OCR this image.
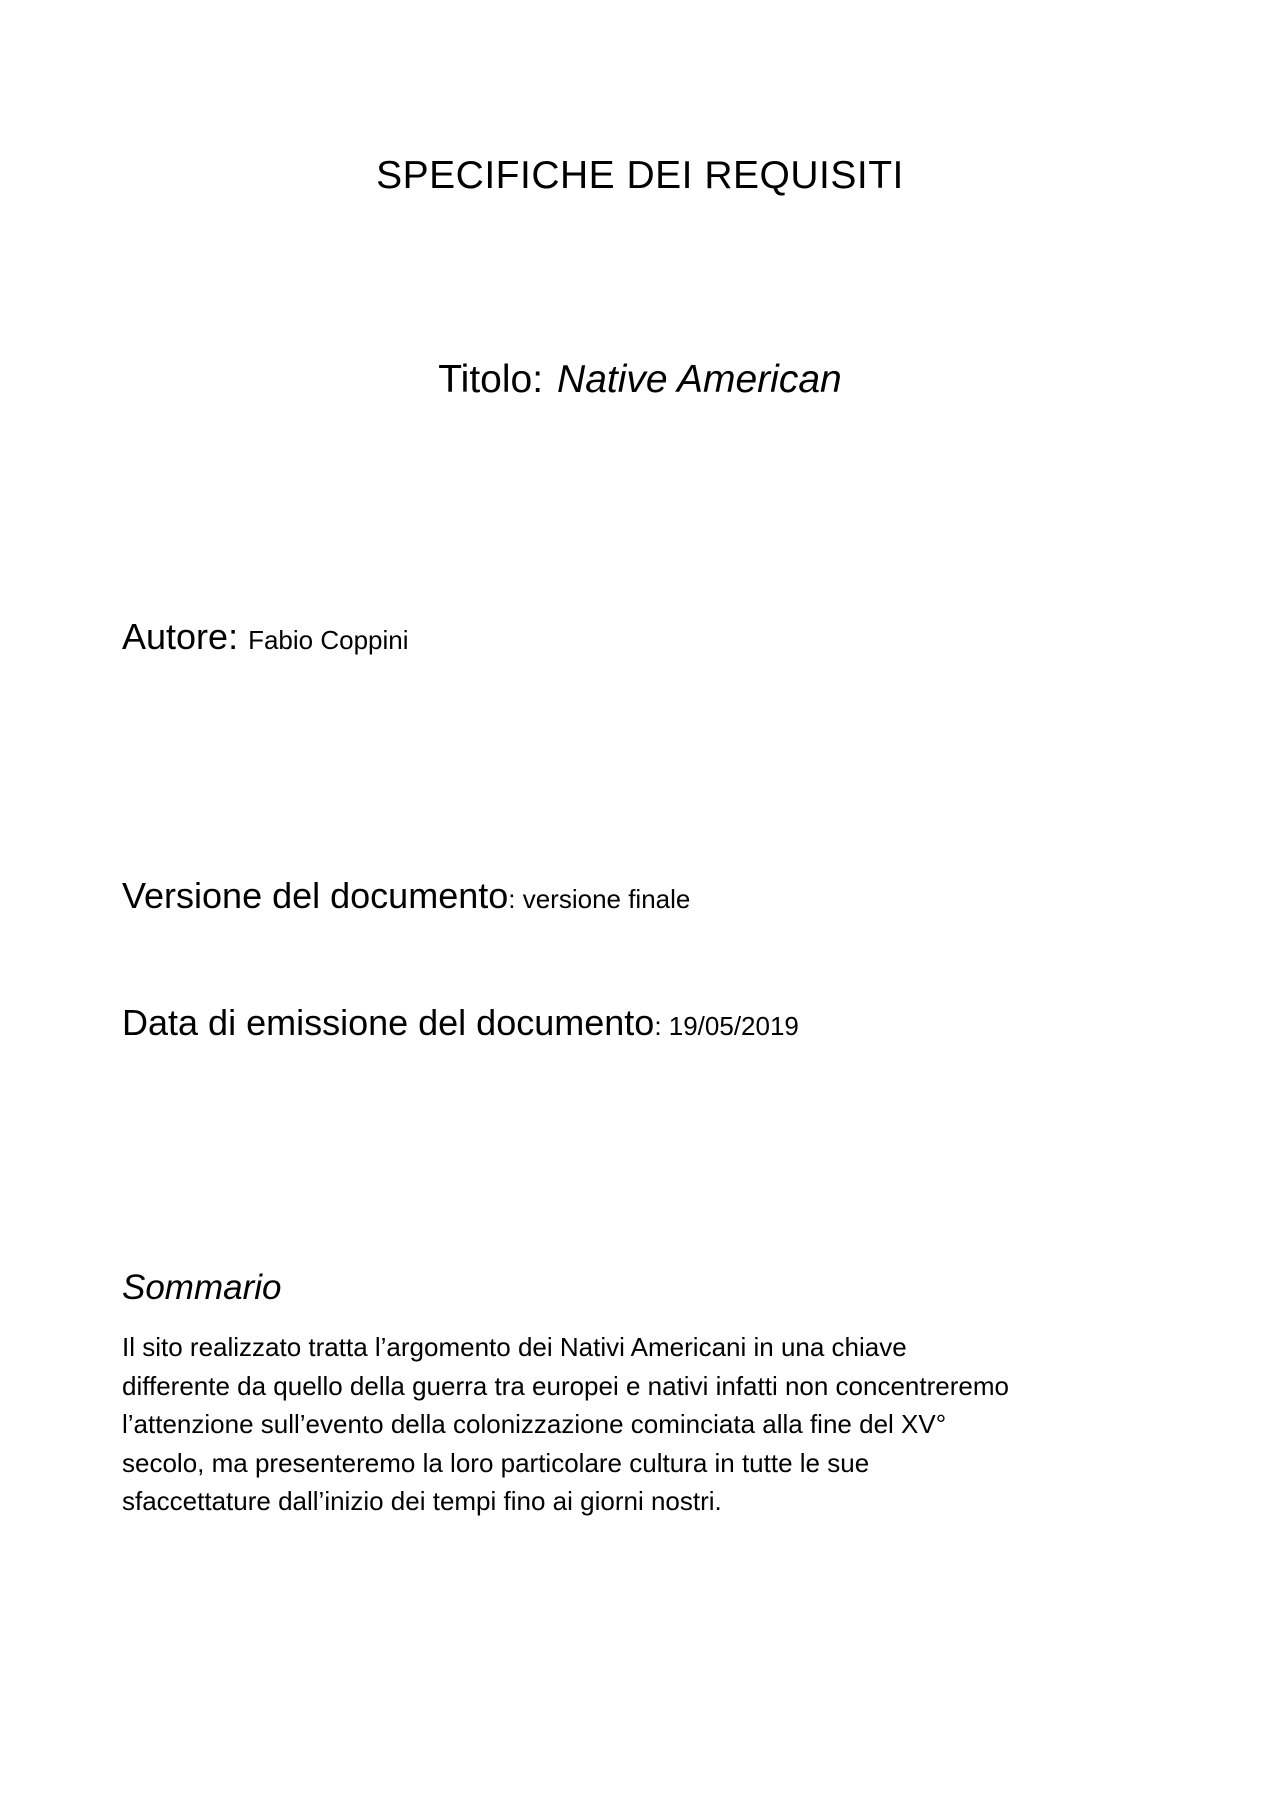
SPECIFICHE DEI REQUISITI
Titolo: Native American
Autore: Fabio Coppini
Versione del documento: versione finale
Data di emissione del documento: 19/05/2019
Sommario
Il sito realizzato tratta l’argomento dei Nativi Americani in una chiave
differente da quello della guerra tra europei e nativi infatti non concentreremo
l’attenzione sull’evento della colonizzazione cominciata alla fine del XV°
secolo, ma presenteremo la loro particolare cultura in tutte le sue
sfaccettature dall’inizio dei tempi fino ai giorni nostri.
